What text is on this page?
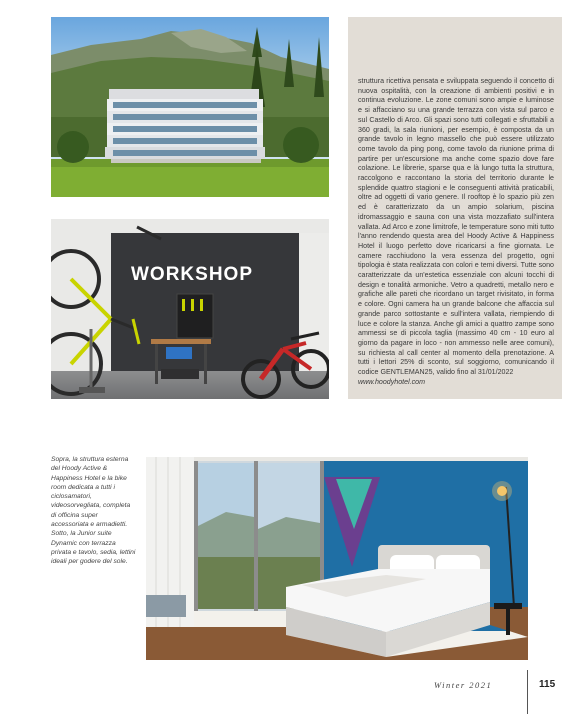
WORKSHOP
struttura ricettiva pensata e sviluppata seguendo il concetto di nuova ospitalità, con la creazione di ambienti positivi e in continua evoluzione. Le zone comuni sono ampie e luminose e si affacciano su una grande terrazza con vista sul parco e sul Castello di Arco. Gli spazi sono tutti collegati e sfruttabili a 360 gradi, la sala riunioni, per esempio, è composta da un grande tavolo in legno massello che può essere utilizzato come tavolo da ping pong, come tavolo da riunione prima di partire per un'escursione ma anche come spazio dove fare colazione. Le librerie, sparse qua e là lungo tutta la struttura, raccolgono e raccontano la storia del territorio durante le splendide quattro stagioni e le conseguenti attività praticabili, oltre ad oggetti di vario genere. Il rooftop è lo spazio più zen ed è caratterizzato da un ampio solarium, piscina idromassaggio e sauna con una vista mozzafiato sull'intera vallata. Ad Arco e zone limitrofe, le temperature sono miti tutto l'anno rendendo questa area del Hoody Active & Happiness Hotel il luogo perfetto dove ricaricarsi a fine giornata. Le camere racchiudono la vera essenza del progetto, ogni tipologia è stata realizzata con colori e temi diversi. Tutte sono caratterizzate da un'estetica essenziale con alcuni tocchi di design e tonalità armoniche. Vetro a quadretti, metallo nero e grafiche alle pareti che ricordano un target rivisitato, in forma e colore. Ogni camera ha un grande balcone che affaccia sul grande parco sottostante e sull'intera vallata, riempiendo di luce e colore la stanza. Anche gli amici a quattro zampe sono ammessi se di piccola taglia (massimo 40 cm - 10 euro al giorno da pagare in loco - non ammesso nelle aree comuni), su richiesta al call center al momento della prenotazione. A tutti i lettori 25% di sconto, sul soggiorno, comunicando il codice GENTLEMAN25, valido fino al 31/01/2022
www.hoodyhotel.com
Sopra, la struttura esterna del Hoody Active & Happiness Hotel e la bike room dedicata a tutti i ciclosamatori, videosorvegliata, completa di officina super accessoriata e armadietti. Sotto, la Junior suite Dynamic con terrazza privata e tavolo, sedia, lettini ideali per godere del sole.
Winter 2021	115
